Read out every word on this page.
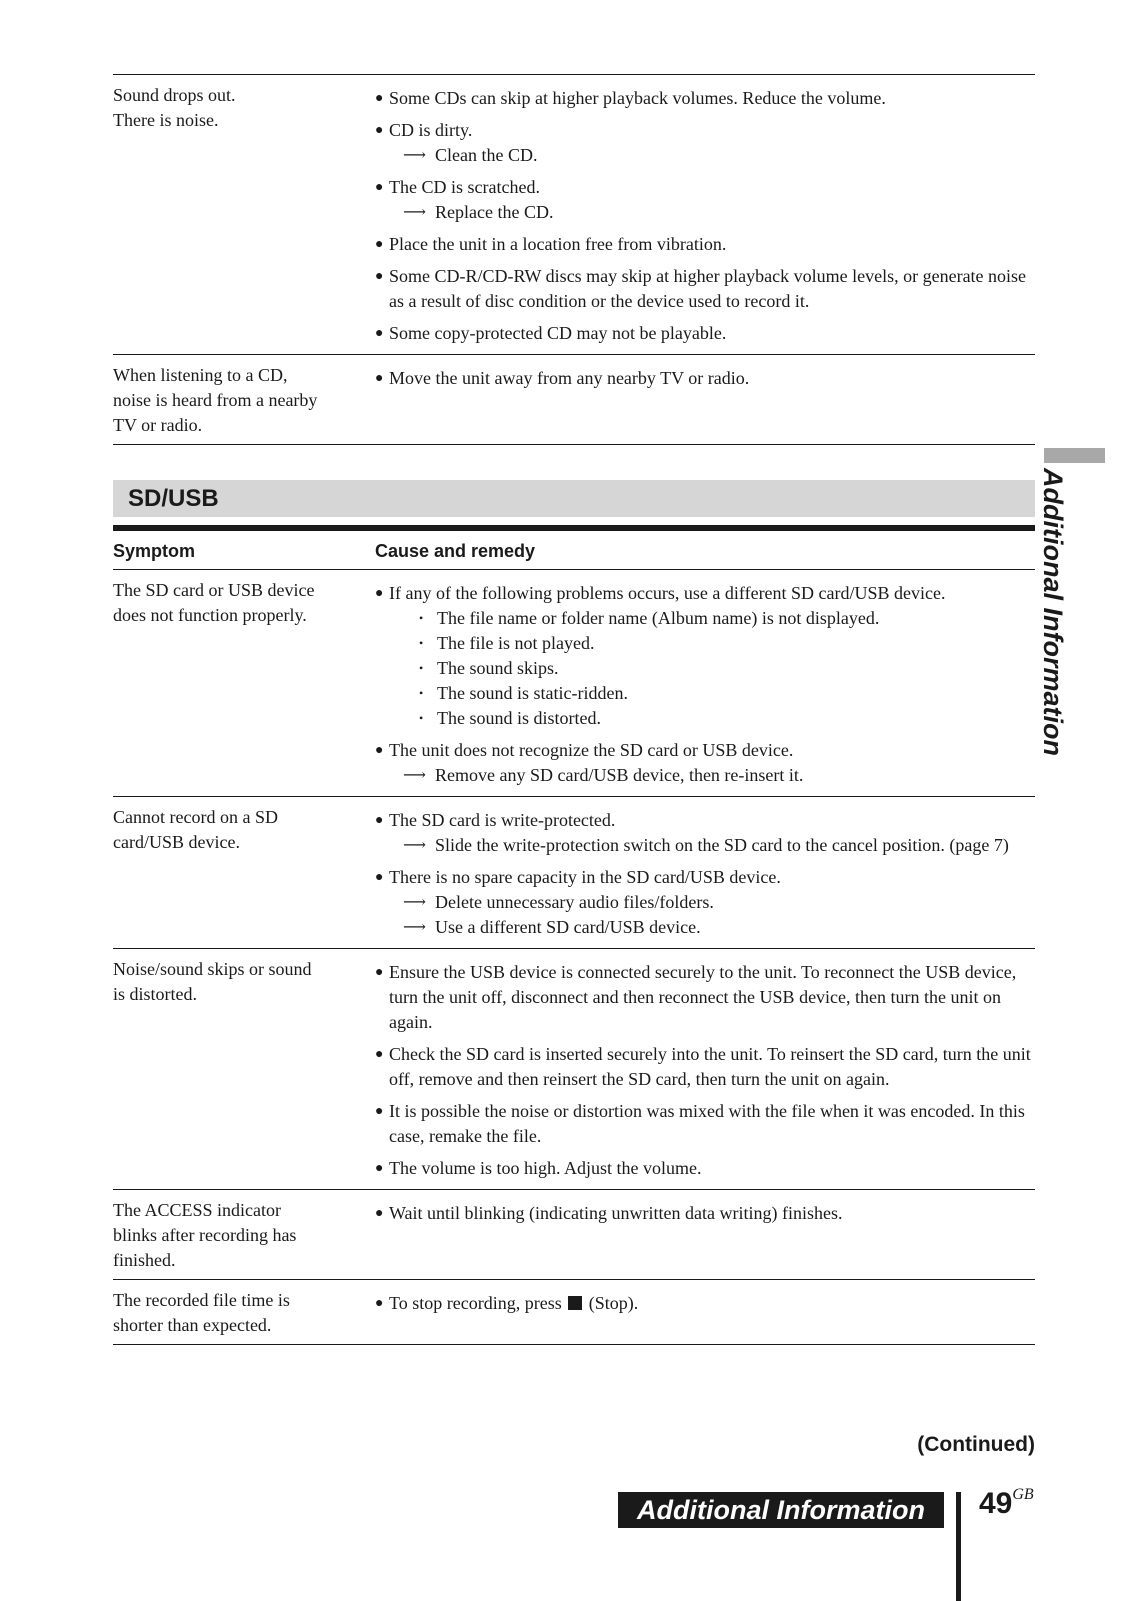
Sound drops out.
There is noise.
● Some CDs can skip at higher playback volumes. Reduce the volume.
● CD is dirty.
⟶ Clean the CD.
● The CD is scratched.
⟶ Replace the CD.
● Place the unit in a location free from vibration.
● Some CD-R/CD-RW discs may skip at higher playback volume levels, or generate noise as a result of disc condition or the device used to record it.
● Some copy-protected CD may not be playable.
When listening to a CD,
noise is heard from a nearby
TV or radio.
● Move the unit away from any nearby TV or radio.
SD/USB
Symptom	Cause and remedy
The SD card or USB device
does not function properly.
● If any of the following problems occurs, use a different SD card/USB device.
• The file name or folder name (Album name) is not displayed.
• The file is not played.
• The sound skips.
• The sound is static-ridden.
• The sound is distorted.
● The unit does not recognize the SD card or USB device.
⟶ Remove any SD card/USB device, then re-insert it.
Cannot record on a SD
card/USB device.
● The SD card is write-protected.
⟶ Slide the write-protection switch on the SD card to the cancel position. (page 7)
● There is no spare capacity in the SD card/USB device.
⟶ Delete unnecessary audio files/folders.
⟶ Use a different SD card/USB device.
Noise/sound skips or sound
is distorted.
● Ensure the USB device is connected securely to the unit. To reconnect the USB device, turn the unit off, disconnect and then reconnect the USB device, then turn the unit on again.
● Check the SD card is inserted securely into the unit. To reinsert the SD card, turn the unit off, remove and then reinsert the SD card, then turn the unit on again.
● It is possible the noise or distortion was mixed with the file when it was encoded. In this case, remake the file.
● The volume is too high. Adjust the volume.
The ACCESS indicator
blinks after recording has
finished.
● Wait until blinking (indicating unwritten data writing) finishes.
The recorded file time is
shorter than expected.
● To stop recording, press (Stop).
Additional Information
(Continued)
Additional Information	$49^{GB}$
